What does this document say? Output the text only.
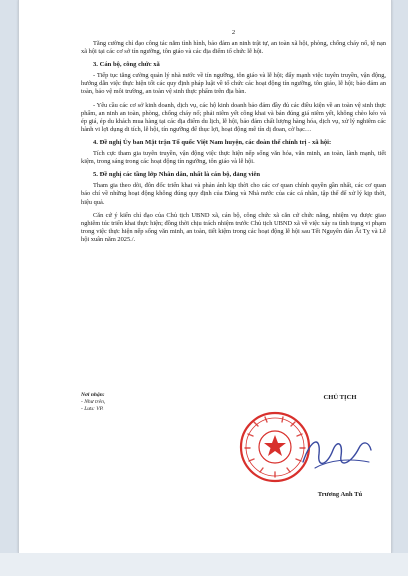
2

Tăng cường chỉ đạo công tác nắm tình hình, bảo đảm an ninh trật tự, an toàn xã hội, phòng, chống cháy nổ, tệ nạn xã hội tại các cơ sở tín ngưỡng, tôn giáo và các địa điểm tổ chức lễ hội.

3. Cán bộ, công chức xã

- Tiếp tục tăng cường quản lý nhà nước về tín ngưỡng, tôn giáo và lễ hội; đẩy mạnh việc tuyên truyền, vận động, hướng dẫn việc thực hiện tốt các quy định pháp luật về tổ chức các hoạt động tín ngưỡng, tôn giáo, lễ hội; bảo đảm an toàn, bảo vệ môi trường, an toàn vệ sinh thực phẩm trên địa bàn.

- Yêu cầu các cơ sở kinh doanh, dịch vụ, các hộ kinh doanh bảo đảm đầy đủ các điều kiện về an toàn vệ sinh thực phẩm, an ninh an toàn, phòng, chống cháy nổ; phải niêm yết công khai và bán đúng giá niêm yết, không chèo kéo và ép giá, ép du khách mua hàng tại các địa điểm du lịch, lễ hội, bảo đảm chất lượng hàng hóa, dịch vụ, xử lý nghiêm các hành vi lợi dụng di tích, lễ hội, tín ngưỡng để thục lợi, hoạt động mê tín dị đoan, cờ bạc…

4. Đề nghị Ủy ban Mặt trận Tổ quốc Việt Nam huyện, các đoàn thể chính trị - xã hội:

Tích cực tham gia tuyên truyền, vận động việc thực hiện nếp sống văn hóa, văn minh, an toàn, lành mạnh, tiết kiệm, trong sáng trong các hoạt động tín ngưỡng, tôn giáo và lễ hội.

5. Đề nghị các tầng lớp Nhân dân, nhất là cán bộ, đảng viên

Tham gia theo dõi, đôn đốc triển khai và phản ánh kịp thời cho các cơ quan chính quyền gần nhất, các cơ quan báo chí về những hoạt động không đúng quy định của Đảng và Nhà nước của các cá nhân, tập thể để xử lý kịp thời, hiệu quả.

Căn cứ ý kiến chỉ đạo của Chủ tịch UBND xã, cán bộ, công chức xã căn cứ chức năng, nhiệm vụ được giao nghiêm túc triển khai thực hiện; đồng thời chịu trách nhiệm trước Chủ tịch UBND xã về việc xảy ra tình trạng vi phạm trong việc thực hiện nếp sống văn minh, an toàn, tiết kiệm trong các hoạt động lễ hội sau Tết Nguyên đán Ất Tỵ và Lễ hội xuân năm 2025./.

Nơi nhận:
- Như trên,
- Lưu: VP.
CHỦ TỊCH
Trương Anh Tú
